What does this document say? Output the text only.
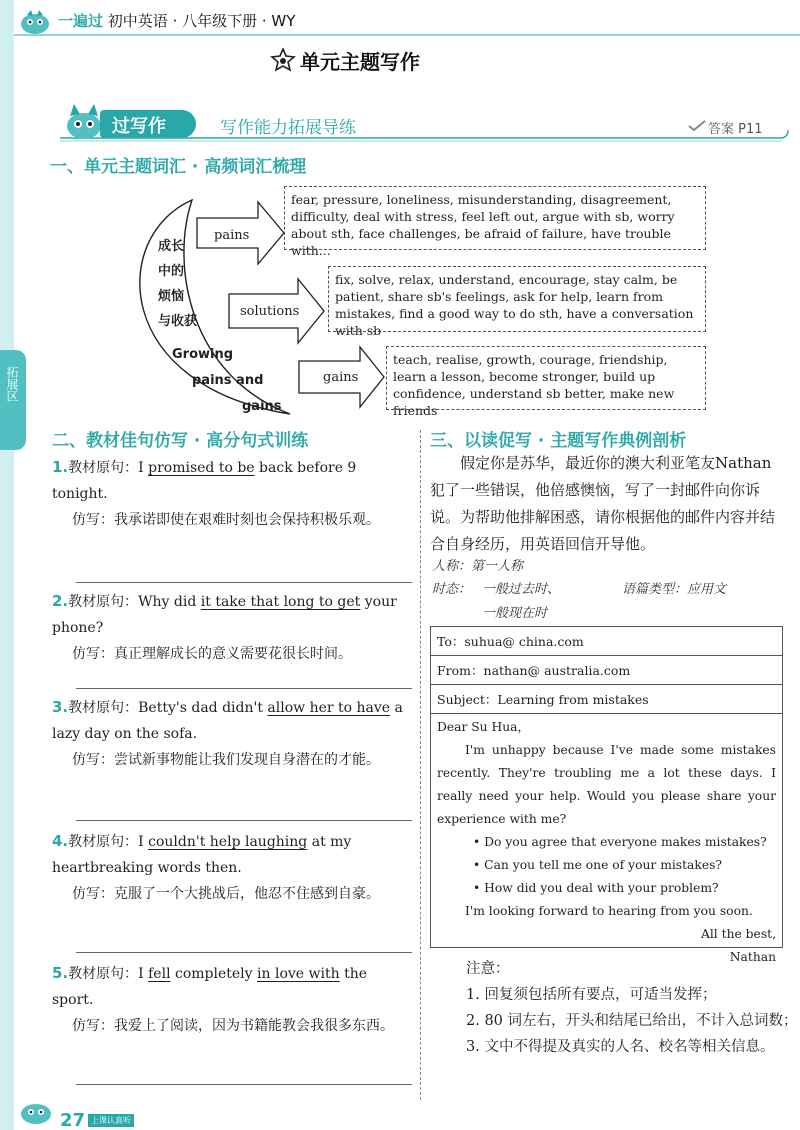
拓展区
一遍过 初中英语 · 八年级下册 · WY
单元主题写作
过写作	写作能力拓展导练	答案 P11
一、单元主题词汇 · 高频词汇梳理
成长
中的
烦恼
与收获
Growing
pains and
gains
pains
solutions
gains
fear, pressure, loneliness, misunderstanding, disagreement, difficulty, deal with stress, feel left out, argue with sb, worry about sth, face challenges, be afraid of failure, have trouble with...
fix, solve, relax, understand, encourage, stay calm, be patient, share sb's feelings, ask for help, learn from mistakes, find a good way to do sth, have a conversation with sb
teach, realise, growth, courage, friendship, learn a lesson, become stronger, build up confidence, understand sb better, make new friends
二、教材佳句仿写 · 高分句式训练

1.教材原句：I promised to be back before 9 tonight.

仿写：我承诺即使在艰难时刻也会保持积极乐观。

2.教材原句：Why did it take that long to get your phone?

仿写：真正理解成长的意义需要花很长时间。

3.教材原句：Betty's dad didn't allow her to have a lazy day on the sofa.

仿写：尝试新事物能让我们发现自身潜在的才能。

4.教材原句：I couldn't help laughing at my heartbreaking words then.

仿写：克服了一个大挑战后，他忍不住感到自豪。

5.教材原句：I fell completely in love with the sport.

仿写：我爱上了阅读，因为书籍能教会我很多东西。

三、以读促写 · 主题写作典例剖析
假定你是苏华，最近你的澳大利亚笔友Nathan犯了一些错误，他倍感懊恼，写了一封邮件向你诉说。为帮助他排解困惑，请你根据他的邮件内容并结合自身经历，用英语回信开导他。
人称：第一人称
时态： 一般过去时、
一般现在时
语篇类型：应用文
To：suhua@ china.com
From：nathan@ australia.com
Subject：Learning from mistakes

Dear Su Hua，

I'm unhappy because I've made some mistakes recently. They're troubling me a lot these days. I really need your help. Would you please share your experience with me?

• Do you agree that everyone makes mistakes?

• Can you tell me one of your mistakes?

• How did you deal with your problem?

I'm looking forward to hearing from you soon.

All the best,

Nathan

注意：
1. 回复须包括所有要点，可适当发挥；
2. 80 词左右，开头和结尾已给出，不计入总词数；
3. 文中不得提及真实的人名、校名等相关信息。
27 上课认真听
